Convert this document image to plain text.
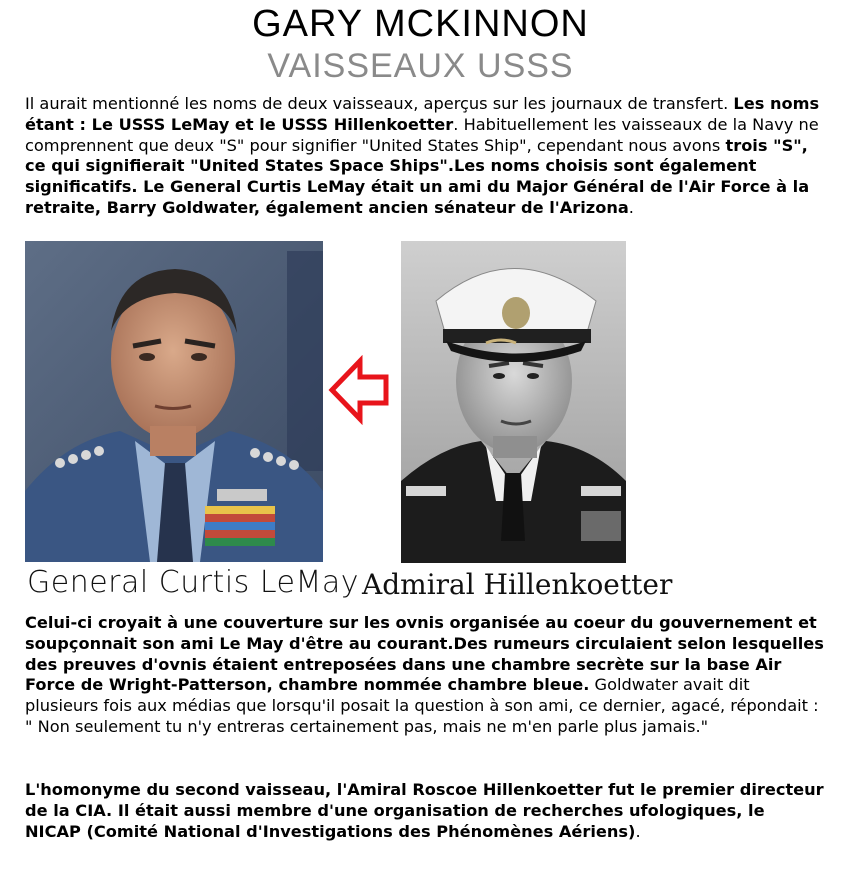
GARY MCKINNON
VAISSEAUX USSS

Il aurait mentionné les noms de deux vaisseaux, aperçus sur les journaux de transfert. Les noms étant : Le USSS LeMay et le USSS Hillenkoetter. Habituellement les vaisseaux de la Navy ne comprennent que deux "S" pour signifier "United States Ship", cependant nous avons trois "S", ce qui signifierait "United States Space Ships".Les noms choisis sont également significatifs. Le General Curtis LeMay était un ami du Major Général de l'Air Force à la retraite, Barry Goldwater, également ancien sénateur de l'Arizona.

General Curtis LeMay Admiral Hillenkoetter

Celui-ci croyait à une couverture sur les ovnis organisée au coeur du gouvernement et soupçonnait son ami Le May d'être au courant.Des rumeurs circulaient selon lesquelles des preuves d'ovnis étaient entreposées dans une chambre secrète sur la base Air Force de Wright-Patterson, chambre nommée chambre bleue. Goldwater avait dit plusieurs fois aux médias que lorsqu'il posait la question à son ami, ce dernier, agacé, répondait : " Non seulement tu n'y entreras certainement pas, mais ne m'en parle plus jamais."

L'homonyme du second vaisseau, l'Amiral Roscoe Hillenkoetter fut le premier directeur de la CIA. Il était aussi membre d'une organisation de recherches ufologiques, le NICAP (Comité National d'Investigations des Phénomènes Aériens).
